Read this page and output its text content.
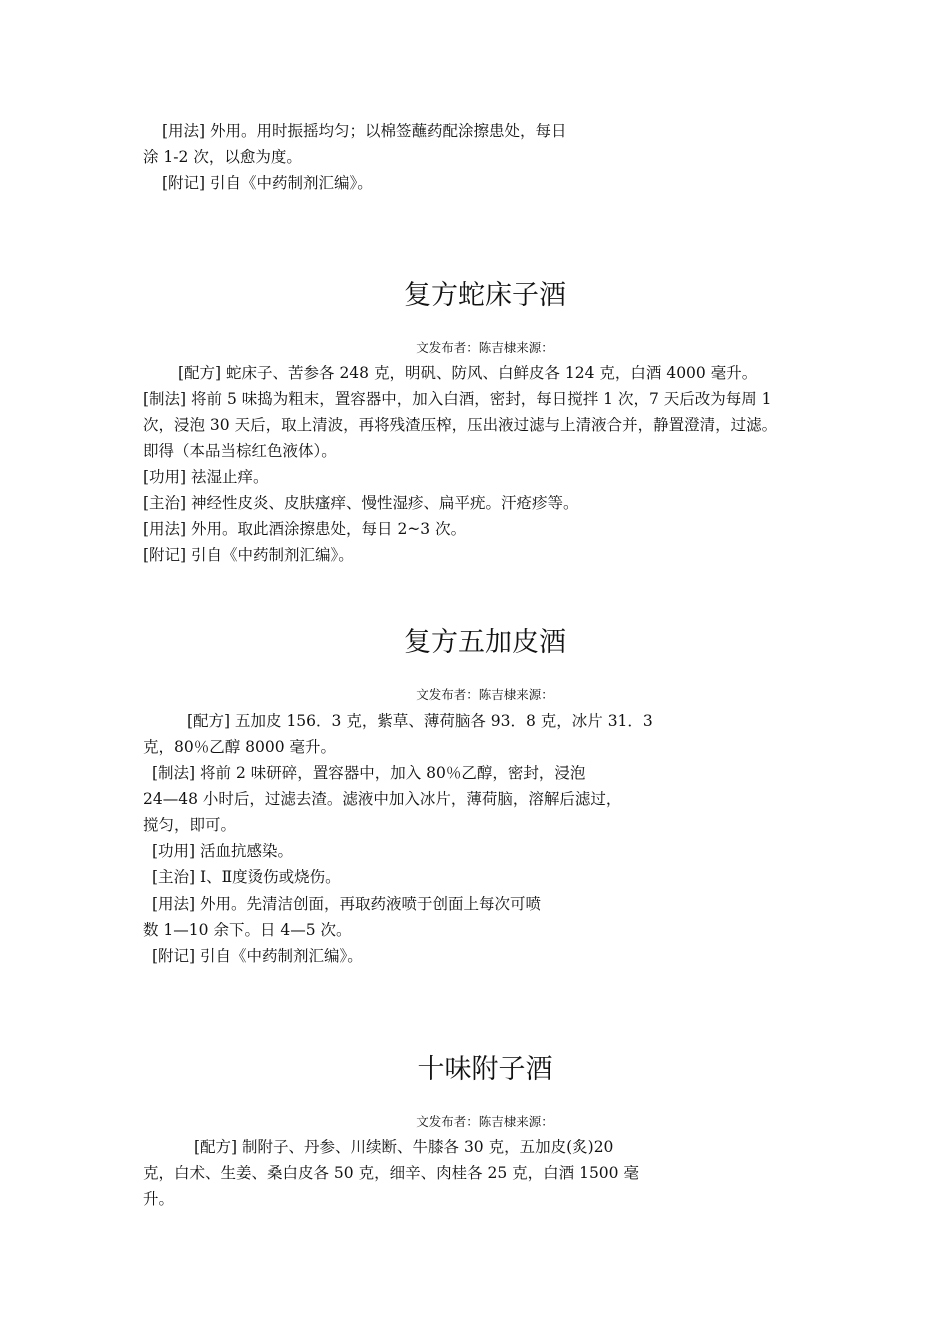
[用法] 外用。用时振摇均匀；以棉签蘸药配涂擦患处，每日
涂 1-2 次，以愈为度。
[附记] 引自《中药制剂汇编》。
复方蛇床子酒
文发布者：陈吉棣来源：
[配方] 蛇床子、苦参各 248 克，明矾、防风、白鲜皮各 124 克，白酒 4000 毫升。
[制法] 将前 5 味捣为粗末，置容器中，加入白酒，密封，每日搅拌 1 次，7 天后改为每周 1
次，浸泡 30 天后，取上清波，再将残渣压榨，压出液过滤与上清液合并，静置澄清，过滤。
即得（本品当棕红色液体）。
[功用] 祛湿止痒。
[主治] 神经性皮炎、皮肤瘙痒、慢性湿疹、扁平疣。汗疮疹等。
[用法] 外用。取此酒涂擦患处，每日 2~3 次。
[附记] 引自《中药制剂汇编》。
复方五加皮酒
文发布者：陈吉棣来源：
[配方] 五加皮 156．3 克，紫草、薄荷脑各 93．8 克，冰片 31．3
克，80％乙醇 8000 毫升。
[制法] 将前 2 味研碎，置容器中，加入 80％乙醇，密封，浸泡
24—48 小时后，过滤去渣。滤液中加入冰片，薄荷脑，溶解后滤过，
搅匀，即可。
[功用] 活血抗感染。
[主治] Ⅰ、Ⅱ度烫伤或烧伤。
[用法] 外用。先清洁创面，再取药液喷于创面上每次可喷
数 1—10 余下。日 4—5 次。
[附记] 引自《中药制剂汇编》。
十味附子酒
文发布者：陈吉棣来源：
[配方] 制附子、丹参、川续断、牛膝各 30 克，五加皮(炙)20
克，白术、生姜、桑白皮各 50 克，细辛、肉桂各 25 克，白酒 1500 毫
升。
